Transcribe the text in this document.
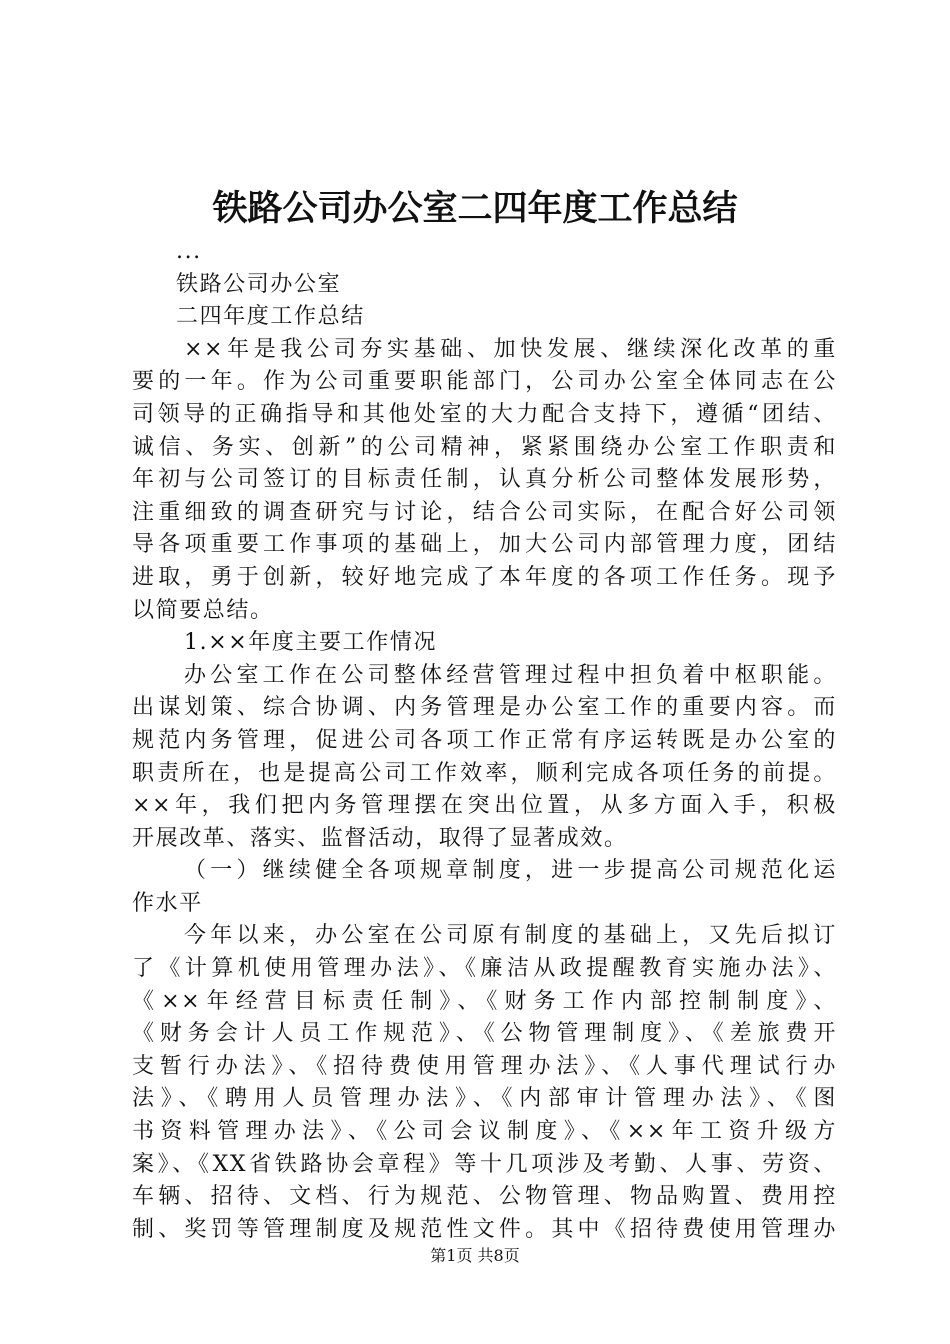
铁路公司办公室二四年度工作总结
...
铁路公司办公室
二四年度工作总结
××年是我公司夯实基础、加快发展、继续深化改革的重
要的一年。作为公司重要职能部门，公司办公室全体同志在公
司领导的正确指导和其他处室的大力配合支持下，遵循“团结、
诚信、务实、创新”的公司精神，紧紧围绕办公室工作职责和
年初与公司签订的目标责任制，认真分析公司整体发展形势，
注重细致的调查研究与讨论，结合公司实际，在配合好公司领
导各项重要工作事项的基础上，加大公司内部管理力度，团结
进取，勇于创新，较好地完成了本年度的各项工作任务。现予
以简要总结。
1.××年度主要工作情况
办公室工作在公司整体经营管理过程中担负着中枢职能。
出谋划策、综合协调、内务管理是办公室工作的重要内容。而
规范内务管理，促进公司各项工作正常有序运转既是办公室的
职责所在，也是提高公司工作效率，顺利完成各项任务的前提。
××年，我们把内务管理摆在突出位置，从多方面入手，积极
开展改革、落实、监督活动，取得了显著成效。
（一）继续健全各项规章制度，进一步提高公司规范化运
作水平
今年以来，办公室在公司原有制度的基础上，又先后拟订
了《计算机使用管理办法》、《廉洁从政提醒教育实施办法》、
《××年经营目标责任制》、《财务工作内部控制制度》、
《财务会计人员工作规范》、《公物管理制度》、《差旅费开
支暂行办法》、《招待费使用管理办法》、《人事代理试行办
法》、《聘用人员管理办法》、《内部审计管理办法》、《图
书资料管理办法》、《公司会议制度》、《××年工资升级方
案》、《XX省铁路协会章程》等十几项涉及考勤、人事、劳资、
车辆、招待、文档、行为规范、公物管理、物品购置、费用控
制、奖罚等管理制度及规范性文件。其中《招待费使用管理办
第1页 共8页
